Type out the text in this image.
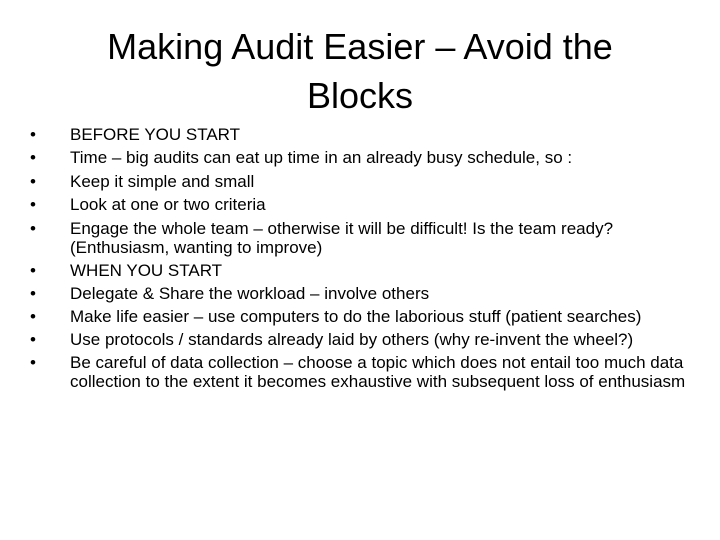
Making Audit Easier – Avoid the
Blocks
•	BEFORE YOU START
•	Time – big audits can eat up time in an already busy schedule, so :
•	Keep it simple and small
•	Look at one or two criteria
•	Engage the whole team – otherwise it will be difficult! Is the team ready? (Enthusiasm, wanting to improve)
•	WHEN YOU START
•	Delegate & Share the workload – involve others
•	Make life easier – use computers to do the laborious stuff (patient searches)
•	Use protocols / standards already laid by others (why re-invent the wheel?)
•	Be careful of data collection – choose a topic which does not entail too much data collection to the extent it becomes exhaustive with subsequent loss of enthusiasm
